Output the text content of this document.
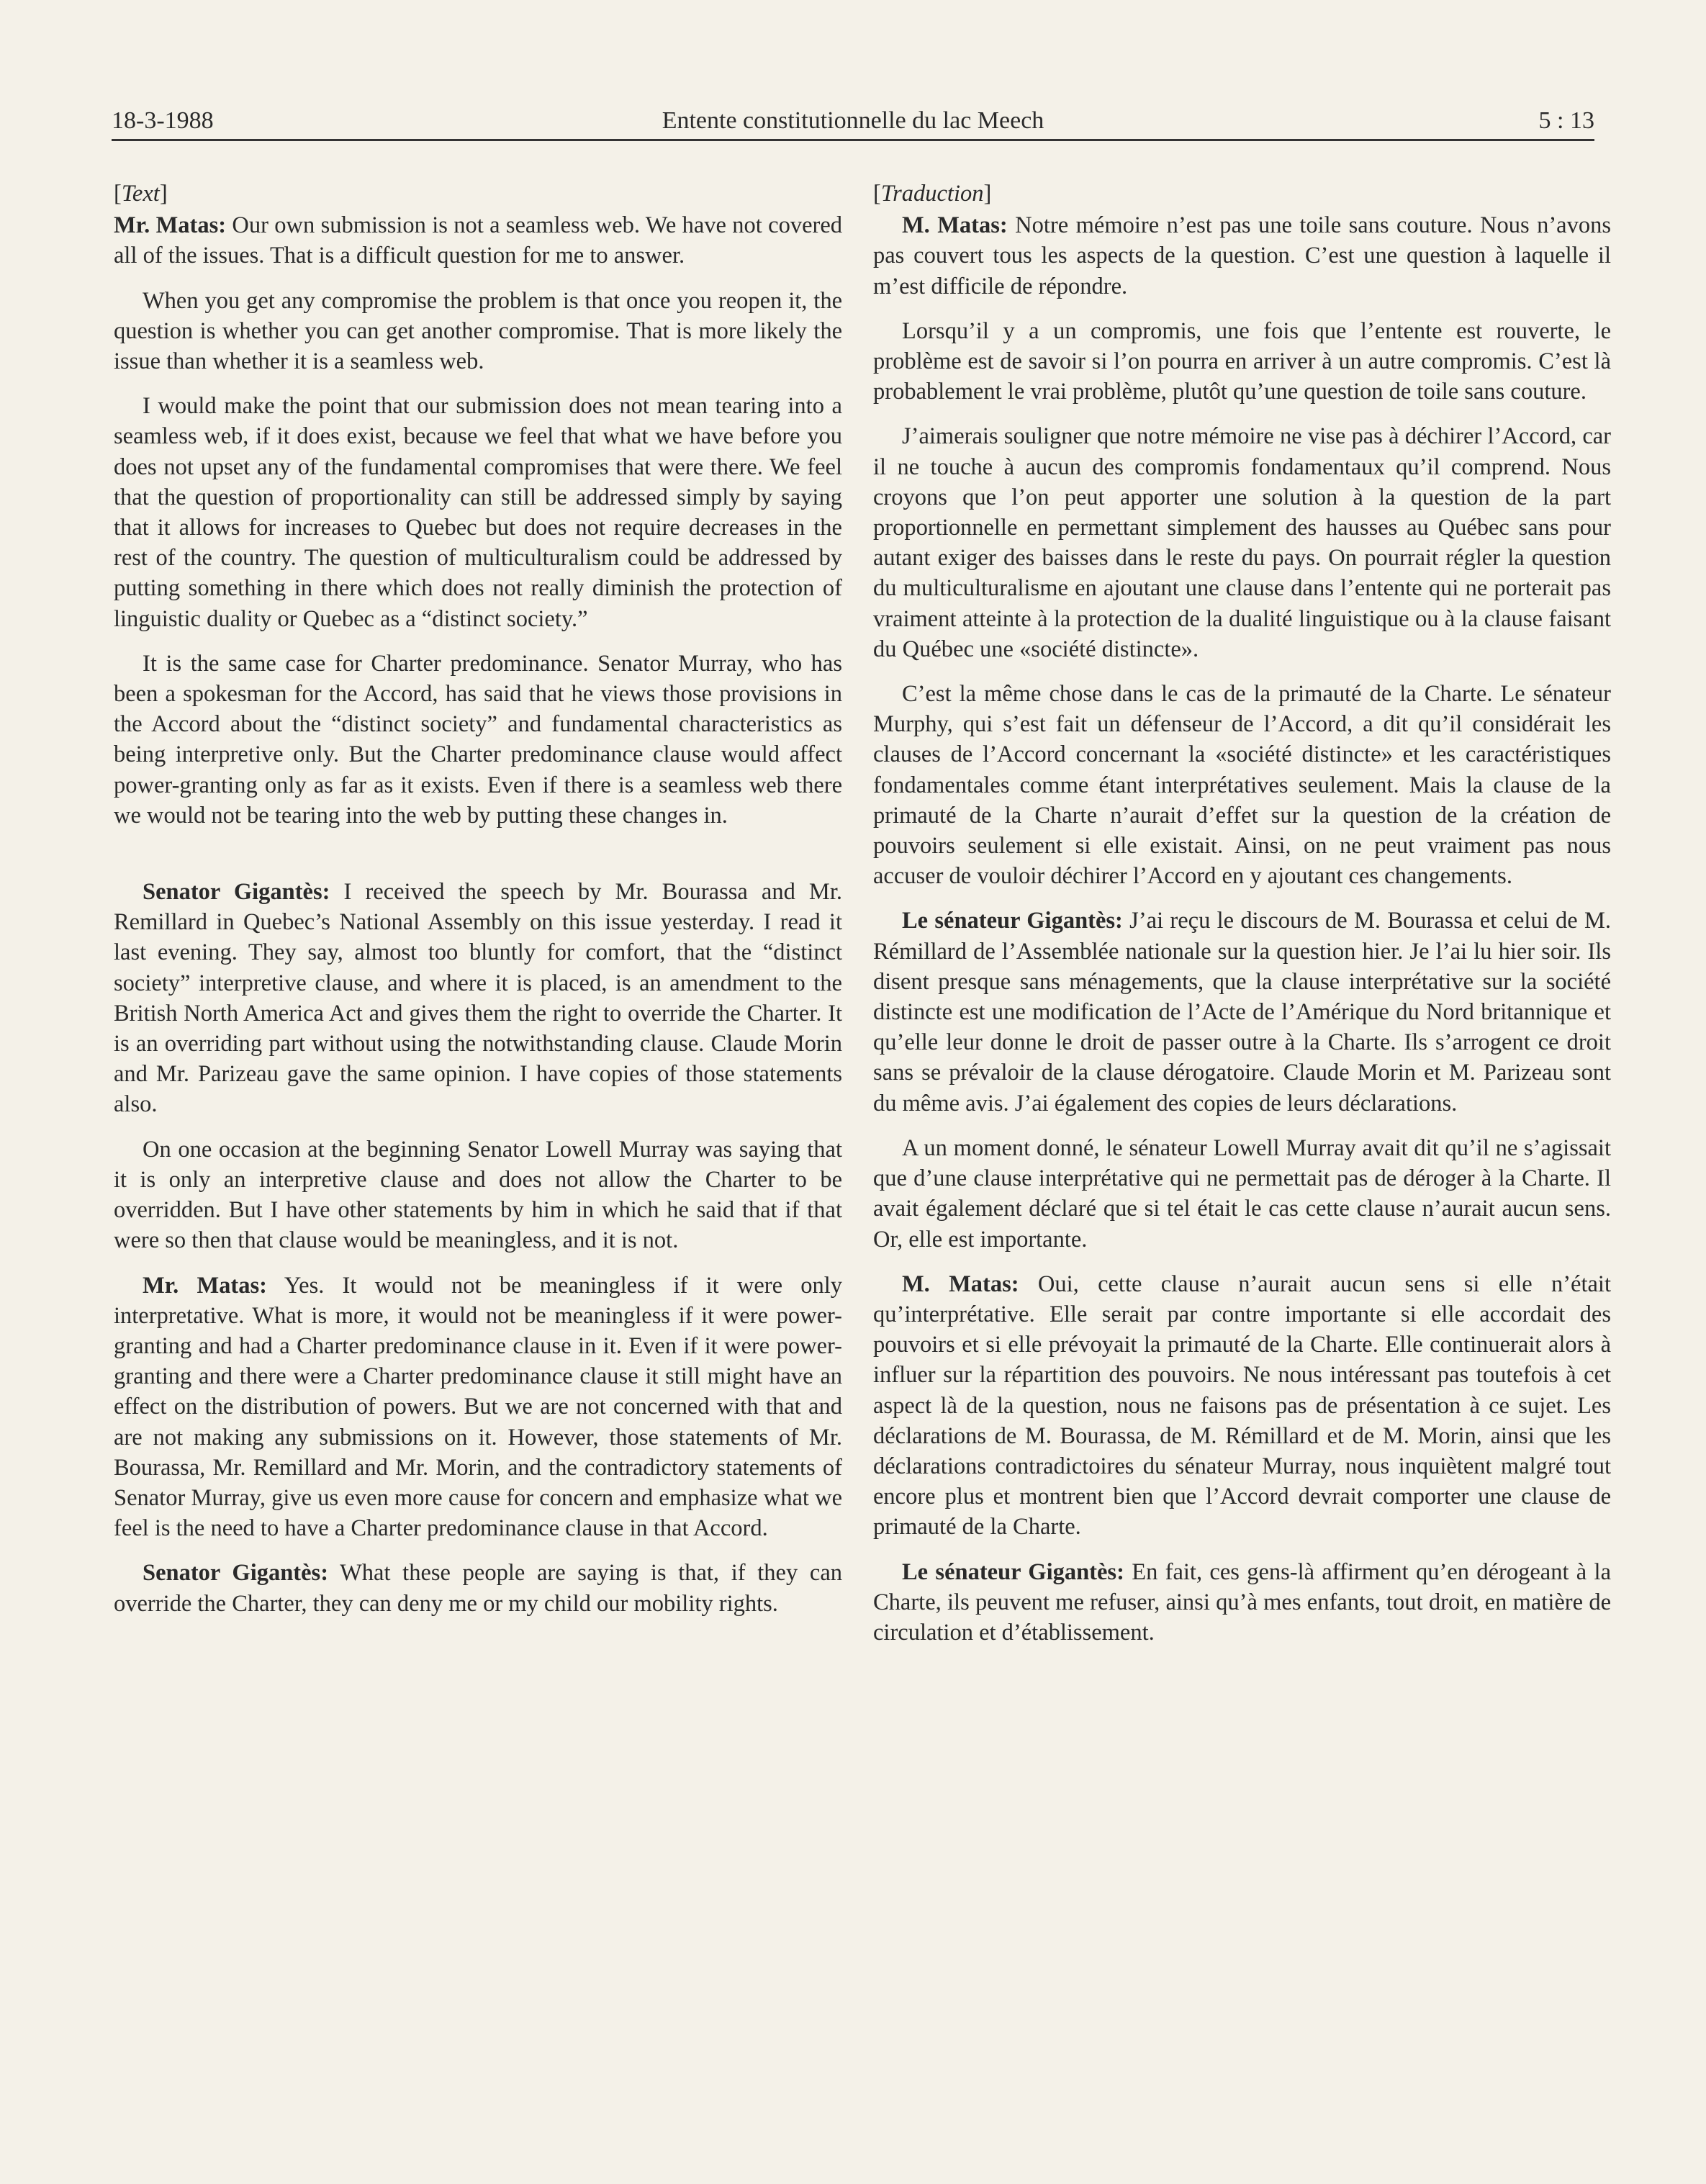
18-3-1988	Entente constitutionnelle du lac Meech	5 : 13

[Text]

Mr. Matas: Our own submission is not a seamless web. We have not covered all of the issues. That is a difficult question for me to answer.

When you get any compromise the problem is that once you reopen it, the question is whether you can get another compromise. That is more likely the issue than whether it is a seamless web.

I would make the point that our submission does not mean tearing into a seamless web, if it does exist, because we feel that what we have before you does not upset any of the fundamental compromises that were there. We feel that the question of proportionality can still be addressed simply by saying that it allows for increases to Quebec but does not require decreases in the rest of the country. The question of multiculturalism could be addressed by putting something in there which does not really diminish the protection of linguistic duality or Quebec as a “distinct society.”

It is the same case for Charter predominance. Senator Murray, who has been a spokesman for the Accord, has said that he views those provisions in the Accord about the “distinct society” and fundamental characteristics as being interpretive only. But the Charter predominance clause would affect power-granting only as far as it exists. Even if there is a seamless web there we would not be tearing into the web by putting these changes in.

Senator Gigantès: I received the speech by Mr. Bourassa and Mr. Remillard in Quebec’s National Assembly on this issue yesterday. I read it last evening. They say, almost too bluntly for comfort, that the “distinct society” interpretive clause, and where it is placed, is an amendment to the British North America Act and gives them the right to override the Charter. It is an overriding part without using the notwithstanding clause. Claude Morin and Mr. Parizeau gave the same opinion. I have copies of those statements also.

On one occasion at the beginning Senator Lowell Murray was saying that it is only an interpretive clause and does not allow the Charter to be overridden. But I have other statements by him in which he said that if that were so then that clause would be meaningless, and it is not.

Mr. Matas: Yes. It would not be meaningless if it were only interpretative. What is more, it would not be meaningless if it were power-granting and had a Charter predominance clause in it. Even if it were power-granting and there were a Charter predominance clause it still might have an effect on the distribution of powers. But we are not concerned with that and are not making any submissions on it. However, those statements of Mr. Bourassa, Mr. Remillard and Mr. Morin, and the contradictory statements of Senator Murray, give us even more cause for concern and emphasize what we feel is the need to have a Charter predominance clause in that Accord.

Senator Gigantès: What these people are saying is that, if they can override the Charter, they can deny me or my child our mobility rights.

[Traduction]

M. Matas: Notre mémoire n’est pas une toile sans couture. Nous n’avons pas couvert tous les aspects de la question. C’est une question à laquelle il m’est difficile de répondre.

Lorsqu’il y a un compromis, une fois que l’entente est rouverte, le problème est de savoir si l’on pourra en arriver à un autre compromis. C’est là probablement le vrai problème, plutôt qu’une question de toile sans couture.

J’aimerais souligner que notre mémoire ne vise pas à déchirer l’Accord, car il ne touche à aucun des compromis fondamentaux qu’il comprend. Nous croyons que l’on peut apporter une solution à la question de la part proportionnelle en permettant simplement des hausses au Québec sans pour autant exiger des baisses dans le reste du pays. On pourrait régler la question du multiculturalisme en ajoutant une clause dans l’entente qui ne porterait pas vraiment atteinte à la protection de la dualité linguistique ou à la clause faisant du Québec une «société distincte».

C’est la même chose dans le cas de la primauté de la Charte. Le sénateur Murphy, qui s’est fait un défenseur de l’Accord, a dit qu’il considérait les clauses de l’Accord concernant la «société distincte» et les caractéristiques fondamentales comme étant interprétatives seulement. Mais la clause de la primauté de la Charte n’aurait d’effet sur la question de la création de pouvoirs seulement si elle existait. Ainsi, on ne peut vraiment pas nous accuser de vouloir déchirer l’Accord en y ajoutant ces changements.

Le sénateur Gigantès: J’ai reçu le discours de M. Bourassa et celui de M. Rémillard de l’Assemblée nationale sur la question hier. Je l’ai lu hier soir. Ils disent presque sans ménagements, que la clause interprétative sur la société distincte est une modification de l’Acte de l’Amérique du Nord britannique et qu’elle leur donne le droit de passer outre à la Charte. Ils s’arrogent ce droit sans se prévaloir de la clause dérogatoire. Claude Morin et M. Parizeau sont du même avis. J’ai également des copies de leurs déclarations.

A un moment donné, le sénateur Lowell Murray avait dit qu’il ne s’agissait que d’une clause interprétative qui ne permettait pas de déroger à la Charte. Il avait également déclaré que si tel était le cas cette clause n’aurait aucun sens. Or, elle est importante.

M. Matas: Oui, cette clause n’aurait aucun sens si elle n’était qu’interprétative. Elle serait par contre importante si elle accordait des pouvoirs et si elle prévoyait la primauté de la Charte. Elle continuerait alors à influer sur la répartition des pouvoirs. Ne nous intéressant pas toutefois à cet aspect là de la question, nous ne faisons pas de présentation à ce sujet. Les déclarations de M. Bourassa, de M. Rémillard et de M. Morin, ainsi que les déclarations contradictoires du sénateur Murray, nous inquiètent malgré tout encore plus et montrent bien que l’Accord devrait comporter une clause de primauté de la Charte.

Le sénateur Gigantès: En fait, ces gens-là affirment qu’en dérogeant à la Charte, ils peuvent me refuser, ainsi qu’à mes enfants, tout droit, en matière de circulation et d’établissement.
